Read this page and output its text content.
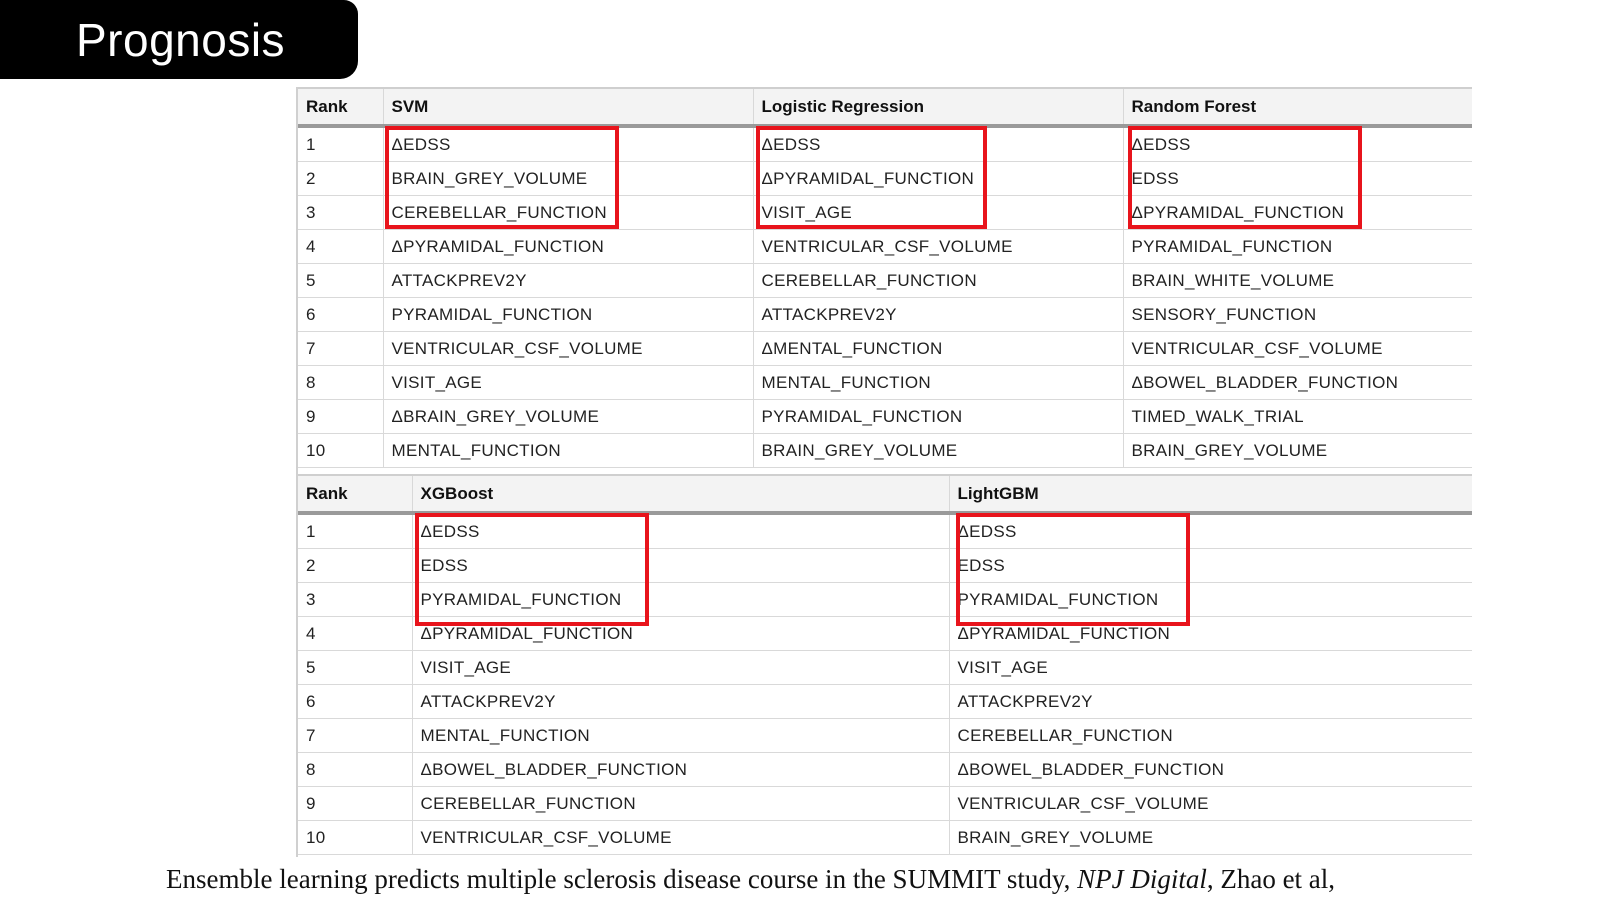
Prognosis
Rank	SVM	Logistic Regression	Random Forest
1	ΔEDSS	ΔEDSS	ΔEDSS
2	BRAIN_GREY_VOLUME	ΔPYRAMIDAL_FUNCTION	EDSS
3	CEREBELLAR_FUNCTION	VISIT_AGE	ΔPYRAMIDAL_FUNCTION
4	ΔPYRAMIDAL_FUNCTION	VENTRICULAR_CSF_VOLUME	PYRAMIDAL_FUNCTION
5	ATTACKPREV2Y	CEREBELLAR_FUNCTION	BRAIN_WHITE_VOLUME
6	PYRAMIDAL_FUNCTION	ATTACKPREV2Y	SENSORY_FUNCTION
7	VENTRICULAR_CSF_VOLUME	ΔMENTAL_FUNCTION	VENTRICULAR_CSF_VOLUME
8	VISIT_AGE	MENTAL_FUNCTION	ΔBOWEL_BLADDER_FUNCTION
9	ΔBRAIN_GREY_VOLUME	PYRAMIDAL_FUNCTION	TIMED_WALK_TRIAL
10	MENTAL_FUNCTION	BRAIN_GREY_VOLUME	BRAIN_GREY_VOLUME
Rank	XGBoost	LightGBM
1	ΔEDSS	ΔEDSS
2	EDSS	EDSS
3	PYRAMIDAL_FUNCTION	PYRAMIDAL_FUNCTION
4	ΔPYRAMIDAL_FUNCTION	ΔPYRAMIDAL_FUNCTION
5	VISIT_AGE	VISIT_AGE
6	ATTACKPREV2Y	ATTACKPREV2Y
7	MENTAL_FUNCTION	CEREBELLAR_FUNCTION
8	ΔBOWEL_BLADDER_FUNCTION	ΔBOWEL_BLADDER_FUNCTION
9	CEREBELLAR_FUNCTION	VENTRICULAR_CSF_VOLUME
10	VENTRICULAR_CSF_VOLUME	BRAIN_GREY_VOLUME
Ensemble learning predicts multiple sclerosis disease course in the SUMMIT study, NPJ Digital, Zhao et al,
